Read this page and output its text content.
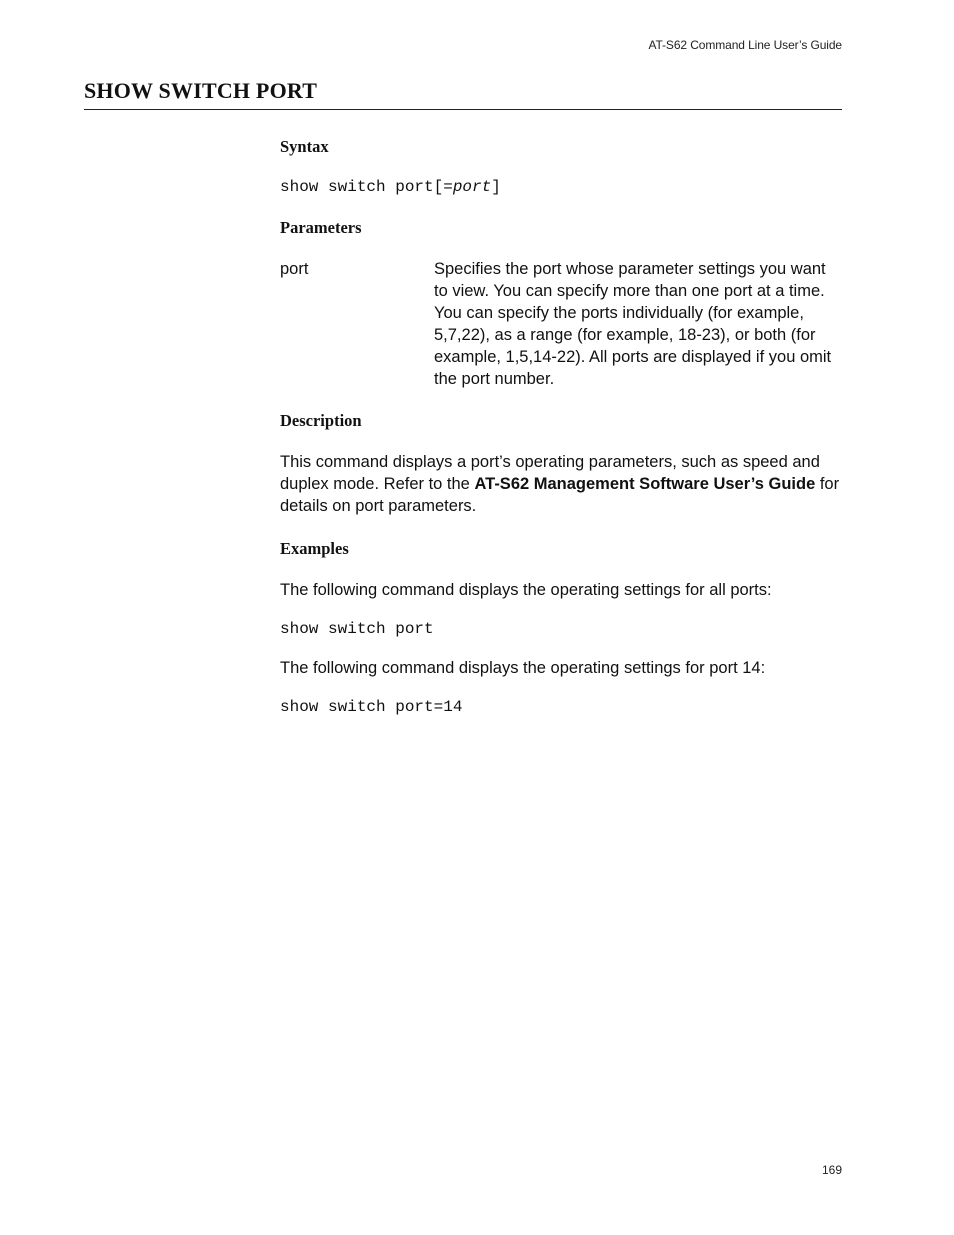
AT-S62 Command Line User’s Guide
SHOW SWITCH PORT
Syntax
show switch port[=port]
Parameters
port	Specifies the port whose parameter settings you want to view. You can specify more than one port at a time. You can specify the ports individually (for example, 5,7,22), as a range (for example, 18-23), or both (for example, 1,5,14-22). All ports are displayed if you omit the port number.

Description

This command displays a port’s operating parameters, such as speed and duplex mode. Refer to the AT-S62 Management Software User’s Guide for details on port parameters.

Examples

The following command displays the operating settings for all ports:

show switch port

The following command displays the operating settings for port 14:

show switch port=14
169
